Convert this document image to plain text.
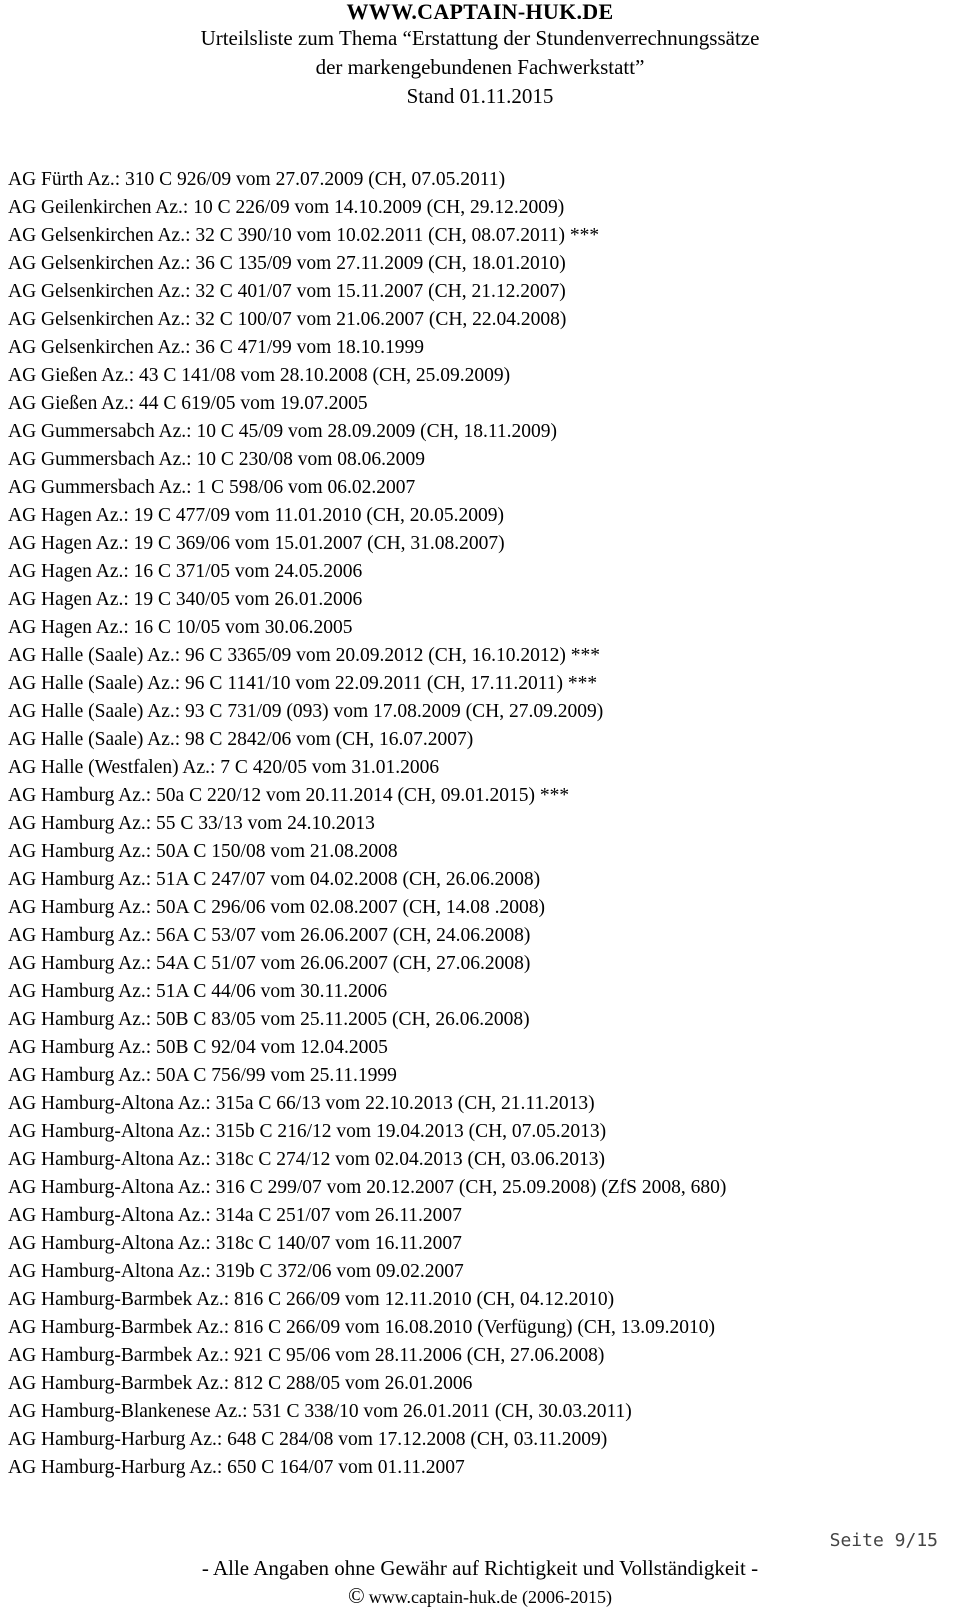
WWW.CAPTAIN-HUK.DE
Urteilsliste zum Thema “Erstattung der Stundenverrechnungssätze
der markengebundenen Fachwerkstatt”
Stand 01.11.2015
AG Fürth Az.: 310 C 926/09 vom 27.07.2009 (CH, 07.05.2011)
AG Geilenkirchen Az.: 10 C 226/09 vom 14.10.2009 (CH, 29.12.2009)
AG Gelsenkirchen Az.: 32 C 390/10 vom 10.02.2011 (CH, 08.07.2011) ***
AG Gelsenkirchen Az.: 36 C 135/09 vom 27.11.2009 (CH, 18.01.2010)
AG Gelsenkirchen Az.: 32 C 401/07 vom 15.11.2007 (CH, 21.12.2007)
AG Gelsenkirchen Az.: 32 C 100/07 vom 21.06.2007 (CH, 22.04.2008)
AG Gelsenkirchen Az.: 36 C 471/99 vom 18.10.1999
AG Gießen Az.: 43 C 141/08 vom 28.10.2008 (CH, 25.09.2009)
AG Gießen Az.: 44 C 619/05 vom 19.07.2005
AG Gummersabch Az.: 10 C 45/09 vom 28.09.2009 (CH, 18.11.2009)
AG Gummersbach Az.: 10 C 230/08 vom 08.06.2009
AG Gummersbach Az.: 1 C 598/06 vom 06.02.2007
AG Hagen Az.: 19 C 477/09 vom 11.01.2010 (CH, 20.05.2009)
AG Hagen Az.: 19 C 369/06 vom 15.01.2007 (CH, 31.08.2007)
AG Hagen Az.: 16 C 371/05 vom 24.05.2006
AG Hagen Az.: 19 C 340/05 vom 26.01.2006
AG Hagen Az.: 16 C 10/05 vom 30.06.2005
AG Halle (Saale) Az.: 96 C 3365/09 vom 20.09.2012 (CH, 16.10.2012) ***
AG Halle (Saale) Az.: 96 C 1141/10 vom 22.09.2011 (CH, 17.11.2011) ***
AG Halle (Saale) Az.: 93 C 731/09 (093) vom 17.08.2009 (CH, 27.09.2009)
AG Halle (Saale) Az.: 98 C 2842/06 vom (CH, 16.07.2007)
AG Halle (Westfalen) Az.: 7 C 420/05 vom 31.01.2006
AG Hamburg Az.: 50a C 220/12 vom 20.11.2014 (CH, 09.01.2015) ***
AG Hamburg Az.: 55 C 33/13 vom 24.10.2013
AG Hamburg Az.: 50A C 150/08 vom 21.08.2008
AG Hamburg Az.: 51A C 247/07 vom 04.02.2008 (CH, 26.06.2008)
AG Hamburg Az.: 50A C 296/06 vom 02.08.2007 (CH, 14.08 .2008)
AG Hamburg Az.: 56A C 53/07 vom 26.06.2007 (CH, 24.06.2008)
AG Hamburg Az.: 54A C 51/07 vom 26.06.2007 (CH, 27.06.2008)
AG Hamburg Az.: 51A C 44/06 vom 30.11.2006
AG Hamburg Az.: 50B C 83/05 vom 25.11.2005 (CH, 26.06.2008)
AG Hamburg Az.: 50B C 92/04 vom 12.04.2005
AG Hamburg Az.: 50A C 756/99 vom 25.11.1999
AG Hamburg-Altona Az.: 315a C 66/13 vom 22.10.2013 (CH, 21.11.2013)
AG Hamburg-Altona Az.: 315b C 216/12 vom 19.04.2013 (CH, 07.05.2013)
AG Hamburg-Altona Az.: 318c C 274/12 vom 02.04.2013 (CH, 03.06.2013)
AG Hamburg-Altona Az.: 316 C 299/07 vom 20.12.2007 (CH, 25.09.2008) (ZfS 2008, 680)
AG Hamburg-Altona Az.: 314a C 251/07 vom 26.11.2007
AG Hamburg-Altona Az.: 318c C 140/07 vom 16.11.2007
AG Hamburg-Altona Az.: 319b C 372/06 vom 09.02.2007
AG Hamburg-Barmbek Az.: 816 C 266/09 vom 12.11.2010 (CH, 04.12.2010)
AG Hamburg-Barmbek Az.: 816 C 266/09 vom 16.08.2010 (Verfügung) (CH, 13.09.2010)
AG Hamburg-Barmbek Az.: 921 C 95/06 vom 28.11.2006 (CH, 27.06.2008)
AG Hamburg-Barmbek Az.: 812 C 288/05 vom 26.01.2006
AG Hamburg-Blankenese Az.: 531 C 338/10 vom 26.01.2011 (CH, 30.03.2011)
AG Hamburg-Harburg Az.: 648 C 284/08 vom 17.12.2008 (CH, 03.11.2009)
AG Hamburg-Harburg Az.: 650 C 164/07 vom 01.11.2007
Seite 9/15
- Alle Angaben ohne Gewähr auf Richtigkeit und Vollständigkeit -
© www.captain-huk.de (2006-2015)
